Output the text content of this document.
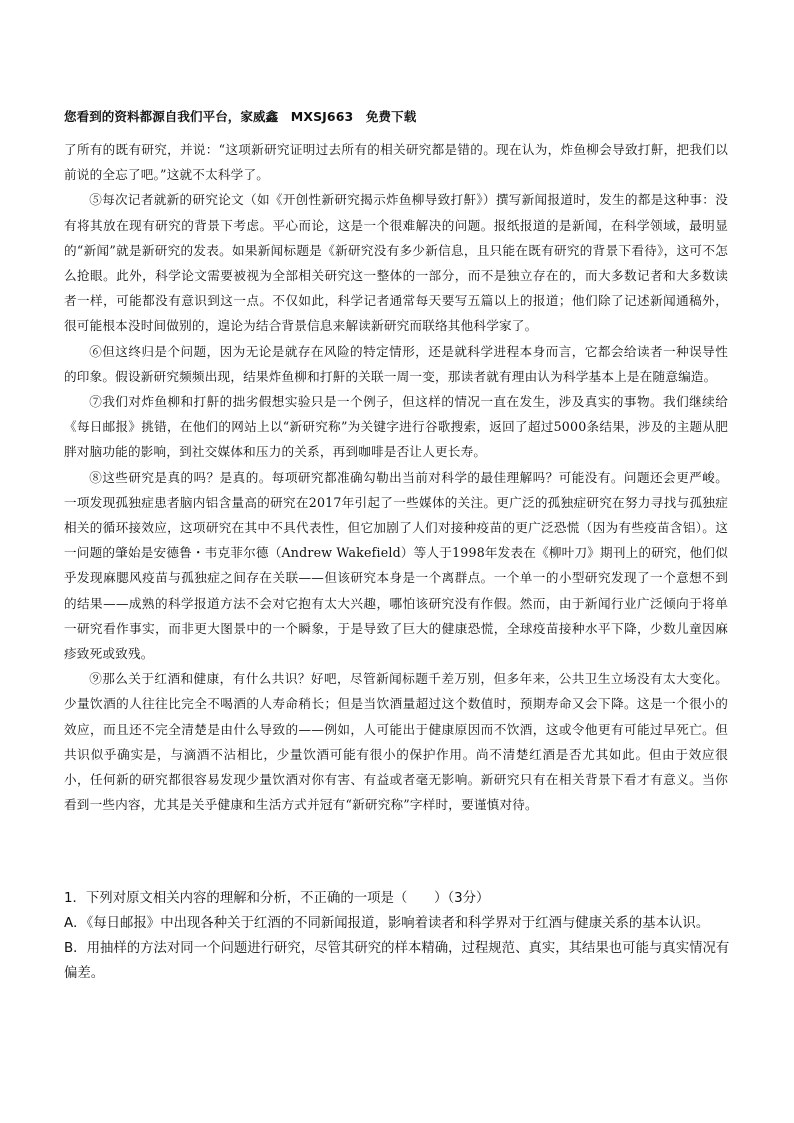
您看到的资料都源自我们平台，家威鑫　MXSJ663　免费下载

了所有的既有研究，并说：“这项新研究证明过去所有的相关研究都是错的。现在认为，炸鱼柳会导致打鼾，把我们以前说的全忘了吧。”这就不太科学了。

⑤每次记者就新的研究论文（如《开创性新研究揭示炸鱼柳导致打鼾》）撰写新闻报道时，发生的都是这种事：没有将其放在现有研究的背景下考虑。平心而论，这是一个很难解决的问题。报纸报道的是新闻，在科学领域，最明显的“新闻”就是新研究的发表。如果新闻标题是《新研究没有多少新信息，且只能在既有研究的背景下看待》，这可不怎么抢眼。此外，科学论文需要被视为全部相关研究这一整体的一部分，而不是独立存在的，而大多数记者和大多数读者一样，可能都没有意识到这一点。不仅如此，科学记者通常每天要写五篇以上的报道；他们除了记述新闻通稿外，很可能根本没时间做别的，遑论为结合背景信息来解读新研究而联络其他科学家了。

⑥但这终归是个问题，因为无论是就存在风险的特定情形，还是就科学进程本身而言，它都会给读者一种误导性的印象。假设新研究频频出现，结果炸鱼柳和打鼾的关联一周一变，那读者就有理由认为科学基本上是在随意编造。

⑦我们对炸鱼柳和打鼾的拙劣假想实验只是一个例子，但这样的情况一直在发生，涉及真实的事物。我们继续给《每日邮报》挑错，在他们的网站上以“新研究称”为关键字进行谷歌搜索，返回了超过5000条结果，涉及的主题从肥胖对脑功能的影响，到社交媒体和压力的关系，再到咖啡是否让人更长寿。

⑧这些研究是真的吗？是真的。每项研究都准确勾勒出当前对科学的最佳理解吗？可能没有。问题还会更严峻。一项发现孤独症患者脑内铝含量高的研究在2017年引起了一些媒体的关注。更广泛的孤独症研究在努力寻找与孤独症相关的循环接效应，这项研究在其中不具代表性，但它加剧了人们对接种疫苗的更广泛恐慌（因为有些疫苗含铝）。这一问题的肇始是安德鲁・韦克菲尔德（Andrew Wakefield）等人于1998年发表在《柳叶刀》期刊上的研究，他们似乎发现麻腮风疫苗与孤独症之间存在关联——但该研究本身是一个离群点。一个单一的小型研究发现了一个意想不到的结果——成熟的科学报道方法不会对它抱有太大兴趣，哪怕该研究没有作假。然而，由于新闻行业广泛倾向于将单一研究看作事实，而非更大图景中的一个瞬象，于是导致了巨大的健康恐慌，全球疫苗接种水平下降，少数儿童因麻疹致死或致残。

⑨那么关于红酒和健康，有什么共识？好吧，尽管新闻标题千差万别，但多年来，公共卫生立场没有太大变化。少量饮酒的人往往比完全不喝酒的人寿命稍长；但是当饮酒量超过这个数值时，预期寿命又会下降。这是一个很小的效应，而且还不完全清楚是由什么导致的——例如，人可能出于健康原因而不饮酒，这或令他更有可能过早死亡。但共识似乎确实是，与滴酒不沾相比，少量饮酒可能有很小的保护作用。尚不清楚红酒是否尤其如此。但由于效应很小，任何新的研究都很容易发现少量饮酒对你有害、有益或者毫无影响。新研究只有在相关背景下看才有意义。当你看到一些内容，尤其是关乎健康和生活方式并冠有“新研究称”字样时，要谨慎对待。

1．下列对原文相关内容的理解和分析，不正确的一项是（　　）（3分）

A．《每日邮报》中出现各种关于红酒的不同新闻报道，影响着读者和科学界对于红酒与健康关系的基本认识。

B．用抽样的方法对同一个问题进行研究，尽管其研究的样本精确，过程规范、真实，其结果也可能与真实情况有偏差。
